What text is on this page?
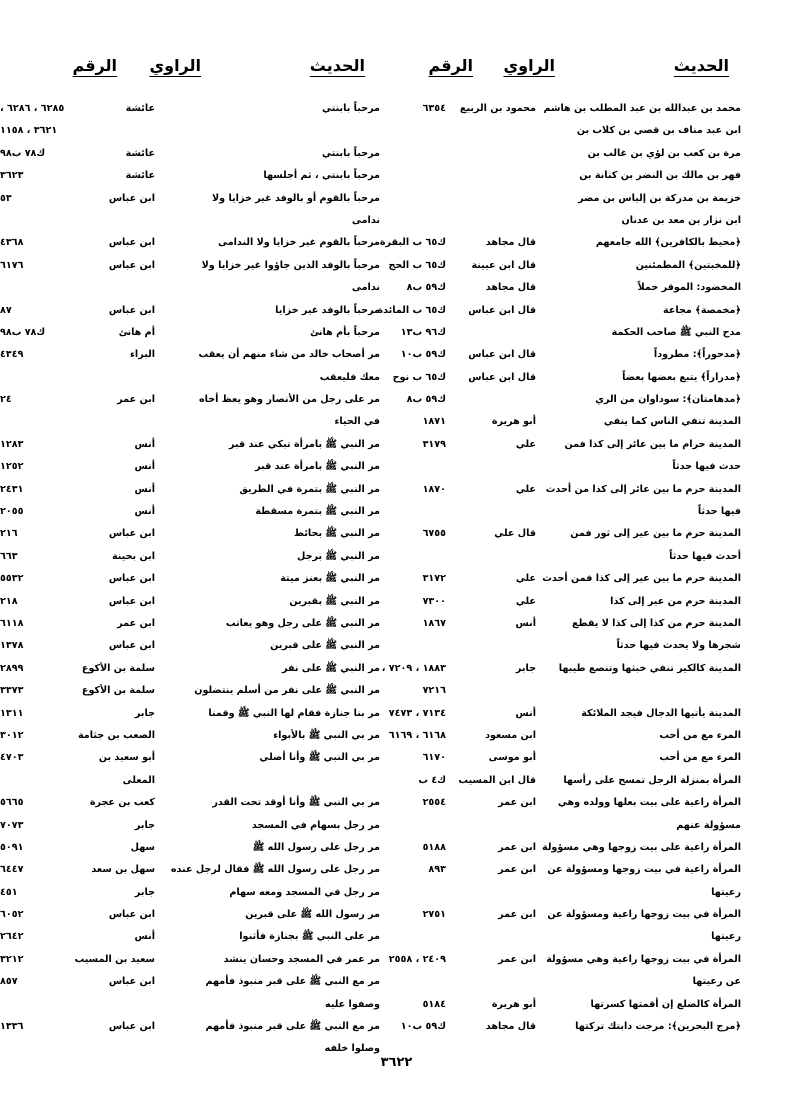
الحديث
الراوي
الرقم
الحديث
الراوي
الرقم
محمد بن عبدالله بن عبد المطلب بن هاشم
محمود بن الربيع
٦٣٥٤
ابن عبد مناف بن قصي بن كلاب بن
مرة بن كعب بن لؤي بن غالب بن
فهر بن مالك بن النضر بن كنانة بن
خزيمة بن مدركة بن إلياس بن مضر
ابن نزار بن معد بن عدنان
﴿محيط بالكافرين﴾ الله جامعهم
قال مجاهد
ك٦٥ ب البقرة
﴿للمخبتين﴾ المطمئنين
قال ابن عيينة
ك٦٥ ب الحج
المخضود: الموقر حملاً
قال مجاهد
ك٥٩ ب٨
﴿مخمصة﴾ مجاعة
قال ابن عباس
ك٦٥ ب المائدة
مدح النبي ﷺ صاحب الحكمة
ك٩٦ ب١٣
﴿مدحوراً﴾: مطروداً
قال ابن عباس
ك٥٩ ب١٠
﴿مدراراً﴾ يتبع بعضها بعضاً
قال ابن عباس
ك٦٥ ب نوح
﴿مدهامتان﴾: سوداوان من الري
ك٥٩ ب٨
المدينة تنفي الناس كما ينفي
أبو هريرة
١٨٧١
المدينة حرام ما بين عائر إلى كذا فمن
علي
٣١٧٩
حدث فيها حدثاً
المدينة حرم ما بين عائر إلى كذا من أحدث
علي
١٨٧٠
فيها حدثاً
المدينة حرم ما بين عير إلى ثور فمن
قال علي
٦٧٥٥
أحدث فيها حدثاً
المدينة حرم ما بين عير إلى كذا فمن أحدث
علي
٣١٧٢
المدينة حرم من عير إلى كذا
علي
٧٣٠٠
المدينة حرم من كذا إلى كذا لا يقطع
أنس
١٨٦٧
شجرها ولا يحدث فيها حدثاً
المدينة كالكير تنفي خبثها وتنصع طيبها
جابر
١٨٨٣ ، ٧٢٠٩ ،
٧٢١٦
المدينة يأتيها الدجال فيجد الملائكة
أنس
٧١٣٤ ، ٧٤٧٣
المرء مع من أحب
ابن مسعود
٦١٦٨ ، ٦١٦٩
المرء مع من أحب
أبو موسى
٦١٧٠
المرأة بمنزلة الرجل تمسح على رأسها
قال ابن المسيب
ك٤ ب
المرأة راعية على بيت بعلها وولده وهي
ابن عمر
٢٥٥٤
مسؤولة عنهم
المرأة راعية على بيت زوجها وهي مسؤولة
ابن عمر
٥١٨٨
المرأة راعية في بيت زوجها ومسؤولة عن
ابن عمر
٨٩٣
رعيتها
المرأة في بيت زوجها راعية ومسؤولة عن
ابن عمر
٢٧٥١
رعيتها
المرأة في بيت زوجها راعية وهي مسؤولة
ابن عمر
٢٤٠٩ ، ٢٥٥٨
عن رعيتها
المرأة كالضلع إن أقمتها كسرتها
أبو هريرة
٥١٨٤
﴿مرج البحرين﴾: مرجت دابتك تركتها
قال مجاهد
ك٥٩ ب١٠
مرحباً بابنتي
عائشة
٦٢٨٥ ، ٦٢٨٦ ،
٣٦٢١ ، ١١٥٨
مرحباً بابنتي
عائشة
ك٧٨ ب٩٨
مرحباً بابنتي ، ثم أجلسها
عائشة
٣٦٢٣
مرحباً بالقوم أو بالوفد غير خزايا ولا
ابن عباس
٥٣
ندامى
مرحباً بالقوم غير خزايا ولا الندامى
ابن عباس
٤٣٦٨
مرحباً بالوفد الذين جاؤوا غير خزايا ولا
ابن عباس
٦١٧٦
ندامى
مرحباً بالوفد غير خزايا
ابن عباس
٨٧
مرحباً بأم هانئ
أم هانئ
ك٧٨ ب٩٨
مر أصحاب خالد من شاء منهم أن يعقب
البراء
٤٣٤٩
معك فليعقب
مر على رجل من الأنصار وهو يعظ أخاه
ابن عمر
٢٤
في الحياء
مر النبي ﷺ بامرأة تبكي عند قبر
أنس
١٢٨٣
مر النبي ﷺ بامرأة عند قبر
أنس
١٢٥٢
مر النبي ﷺ بتمرة في الطريق
أنس
٢٤٣١
مر النبي ﷺ بتمرة مسقطة
أنس
٢٠٥٥
مر النبي ﷺ بحائط
ابن عباس
٢١٦
مر النبي ﷺ برجل
ابن بحينة
٦٦٣
مر النبي ﷺ بعنز ميتة
ابن عباس
٥٥٣٢
مر النبي ﷺ بقبرين
ابن عباس
٢١٨
مر النبي ﷺ على رجل وهو يعاتب
ابن عمر
٦١١٨
مر النبي ﷺ على قبرين
ابن عباس
١٣٧٨
مر النبي ﷺ على نفر
سلمة بن الأكوع
٢٨٩٩
مر النبي ﷺ على نفر من أسلم ينتضلون
سلمة بن الأكوع
٣٣٧٣
مر بنا جنازة فقام لها النبي ﷺ وقمنا
جابر
١٣١١
مر بي النبي ﷺ بالأبواء
الصعب بن جثامة
٣٠١٢
مر بي النبي ﷺ وأنا أصلي
أبو سعيد بن
٤٧٠٣
المعلى
مر بي النبي ﷺ وأنا أوقد تحت القدر
كعب بن عجرة
٥٦٦٥
مر رجل بسهام في المسجد
جابر
٧٠٧٣
مر رجل على رسول الله ﷺ
سهل
٥٠٩١
مر رجل على رسول الله ﷺ فقال لرجل عنده
سهل بن سعد
٦٤٤٧
مر رجل في المسجد ومعه سهام
جابر
٤٥١
مر رسول الله ﷺ على قبرين
ابن عباس
٦٠٥٢
مر على النبي ﷺ بجنازة فأثنوا
أنس
٢٦٤٢
مر عمر في المسجد وحسان ينشد
سعيد بن المسيب
٣٢١٢
مر مع النبي ﷺ على قبر منبوذ فأمهم
ابن عباس
٨٥٧
وصفوا عليه
مر مع النبي ﷺ على قبر منبوذ فأمهم
ابن عباس
١٣٣٦
وصلوا خلفه
٣٦٢٢
